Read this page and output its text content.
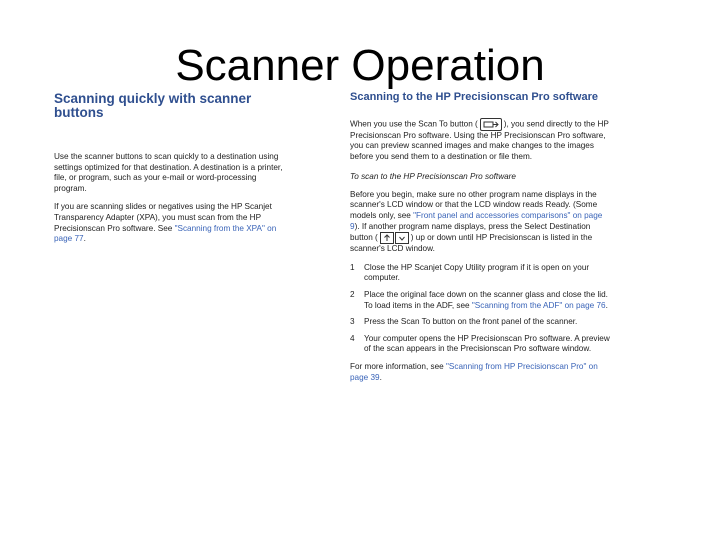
Scanner Operation
Scanning quickly with scanner buttons

Use the scanner buttons to scan quickly to a destination using settings optimized for that destination. A destination is a printer, file, or program, such as your e-mail or word-processing program.

If you are scanning slides or negatives using the HP Scanjet Transparency Adapter (XPA), you must scan from the HP Precisionscan Pro software. See "Scanning from the XPA" on page 77.

Scanning to the HP Precisionscan Pro software

When you use the Scan To button (	), you send directly to the HP Precisionscan Pro software. Using the HP Precisionscan Pro software, you can preview scanned images and make changes to the images before you send them to a destination or file them.

To scan to the HP Precisionscan Pro software

Before you begin, make sure no other program name displays in the scanner's LCD window or that the LCD window reads Ready. (Some models only, see "Front panel and accessories comparisons" on page 9). If another program name displays, press the Select Destination button (	) up or down until HP Precisionscan is listed in the scanner's LCD window.

1	Close the HP Scanjet Copy Utility program if it is open on your computer.
2	Place the original face down on the scanner glass and close the lid. To load items in the ADF, see "Scanning from the ADF" on page 76.
3	Press the Scan To button on the front panel of the scanner.
4	Your computer opens the HP Precisionscan Pro software. A preview of the scan appears in the Precisionscan Pro software window.

For more information, see "Scanning from HP Precisionscan Pro" on page 39.
